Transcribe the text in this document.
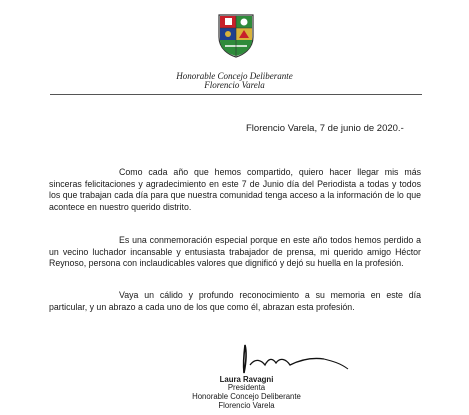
Honorable Concejo Deliberante
Florencio Varela
Florencio Varela, 7 de junio de 2020.-

Como cada año que hemos compartido, quiero hacer llegar mis más sinceras felicitaciones y agradecimiento en este 7 de Junio día del Periodista a todas y todos los que trabajan cada día para que nuestra comunidad tenga acceso a la información de lo que acontece en nuestro querido distrito.

Es una conmemoración especial porque en este año todos hemos perdido a un vecino luchador incansable y entusiasta trabajador de prensa, mi querido amigo Héctor Reynoso, persona con inclaudicables valores que dignificó y dejó su huella en la profesión.

Vaya un cálido y profundo reconocimiento a su memoria en este día particular, y un abrazo a cada uno de los que como él, abrazan esta profesión.

Laura Ravagni
Presidenta
Honorable Concejo Deliberante
Florencio Varela
